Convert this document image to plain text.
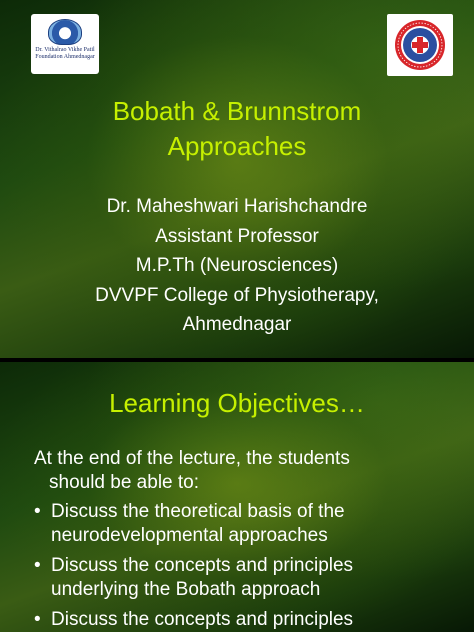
Dr. Vithalrao Vikhe Patil Foundation Ahmednagar
Bobath & Brunnstrom
Approaches
Dr. Maheshwari Harishchandre
Assistant Professor
M.P.Th (Neurosciences)
DVVPF College of Physiotherapy,
Ahmednagar
Learning Objectives…

At the end of the lecture, the students
should be able to:

• Discuss the theoretical basis of the
neurodevelopmental approaches
• Discuss the concepts and principles
underlying the Bobath approach
• Discuss the concepts and principles
